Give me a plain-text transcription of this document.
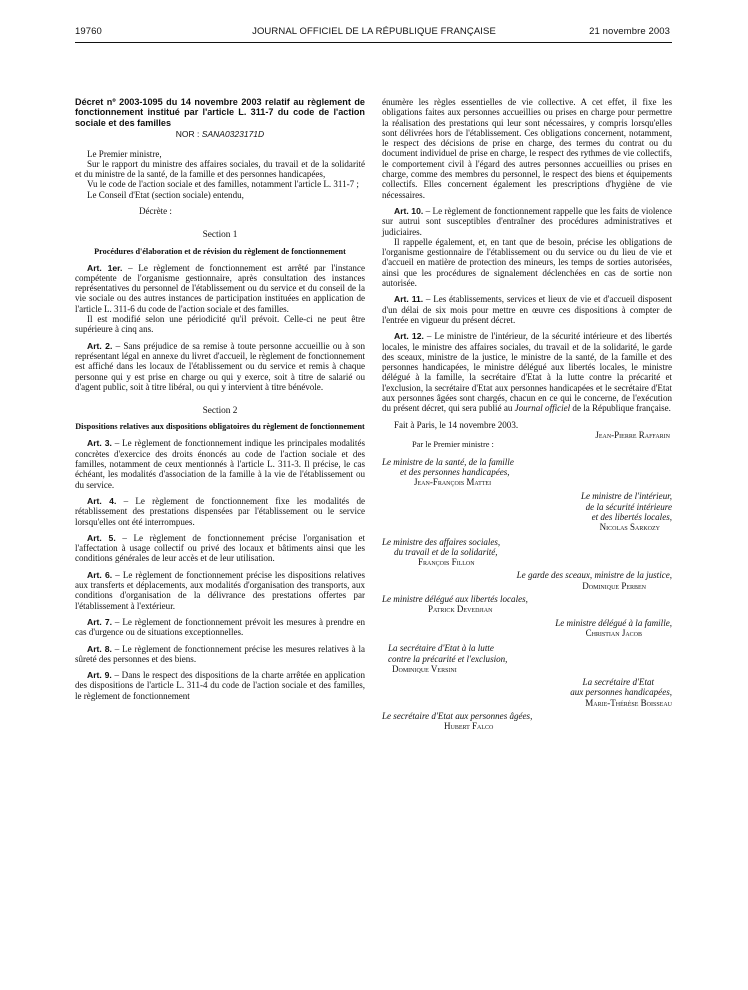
19760	JOURNAL OFFICIEL DE LA RÉPUBLIQUE FRANÇAISE	21 novembre 2003

Décret nº 2003-1095 du 14 novembre 2003 relatif au règlement de fonctionnement institué par l'article L. 311-7 du code de l'action sociale et des familles

NOR : SANA0323171D

Le Premier ministre,

Sur le rapport du ministre des affaires sociales, du travail et de la solidarité et du ministre de la santé, de la famille et des personnes handicapées,

Vu le code de l'action sociale et des familles, notamment l'article L. 311-7 ;

Le Conseil d'Etat (section sociale) entendu,

Décrète :

Section 1

Procédures d'élaboration et de révision du règlement de fonctionnement

Art. 1er. – Le règlement de fonctionnement est arrêté par l'instance compétente de l'organisme gestionnaire, après consultation des instances représentatives du personnel de l'établissement ou du service et du conseil de la vie sociale ou des autres instances de participation instituées en application de l'article L. 311-6 du code de l'action sociale et des familles.

Il est modifié selon une périodicité qu'il prévoit. Celle-ci ne peut être supérieure à cinq ans.

Art. 2. – Sans préjudice de sa remise à toute personne accueillie ou à son représentant légal en annexe du livret d'accueil, le règlement de fonctionnement est affiché dans les locaux de l'établissement ou du service et remis à chaque personne qui y est prise en charge ou qui y exerce, soit à titre de salarié ou d'agent public, soit à titre libéral, ou qui y intervient à titre bénévole.

Section 2

Dispositions relatives aux dispositions obligatoires du règlement de fonctionnement

Art. 3. – Le règlement de fonctionnement indique les principales modalités concrètes d'exercice des droits énoncés au code de l'action sociale et des familles, notamment de ceux mentionnés à l'article L. 311-3. Il précise, le cas échéant, les modalités d'association de la famille à la vie de l'établissement ou du service.

Art. 4. – Le règlement de fonctionnement fixe les modalités de rétablissement des prestations dispensées par l'établissement ou le service lorsqu'elles ont été interrompues.

Art. 5. – Le règlement de fonctionnement précise l'organisation et l'affectation à usage collectif ou privé des locaux et bâtiments ainsi que les conditions générales de leur accès et de leur utilisation.

Art. 6. – Le règlement de fonctionnement précise les dispositions relatives aux transferts et déplacements, aux modalités d'organisation des transports, aux conditions d'organisation de la délivrance des prestations offertes par l'établissement à l'extérieur.

Art. 7. – Le règlement de fonctionnement prévoit les mesures à prendre en cas d'urgence ou de situations exceptionnelles.

Art. 8. – Le règlement de fonctionnement précise les mesures relatives à la sûreté des personnes et des biens.

Art. 9. – Dans le respect des dispositions de la charte arrêtée en application des dispositions de l'article L. 311-4 du code de l'action sociale et des familles, le règlement de fonctionnement

énumère les règles essentielles de vie collective. A cet effet, il fixe les obligations faites aux personnes accueillies ou prises en charge pour permettre la réalisation des prestations qui leur sont nécessaires, y compris lorsqu'elles sont délivrées hors de l'établissement. Ces obligations concernent, notamment, le respect des décisions de prise en charge, des termes du contrat ou du document individuel de prise en charge, le respect des rythmes de vie collectifs, le comportement civil à l'égard des autres personnes accueillies ou prises en charge, comme des membres du personnel, le respect des biens et équipements collectifs. Elles concernent également les prescriptions d'hygiène de vie nécessaires.

Art. 10. – Le règlement de fonctionnement rappelle que les faits de violence sur autrui sont susceptibles d'entraîner des procédures administratives et judiciaires.

Il rappelle également, et, en tant que de besoin, précise les obligations de l'organisme gestionnaire de l'établissement ou du service ou du lieu de vie et d'accueil en matière de protection des mineurs, les temps de sorties autorisées, ainsi que les procédures de signalement déclenchées en cas de sortie non autorisée.

Art. 11. – Les établissements, services et lieux de vie et d'accueil disposent d'un délai de six mois pour mettre en œuvre ces dispositions à compter de l'entrée en vigueur du présent décret.

Art. 12. – Le ministre de l'intérieur, de la sécurité intérieure et des libertés locales, le ministre des affaires sociales, du travail et de la solidarité, le garde des sceaux, ministre de la justice, le ministre de la santé, de la famille et des personnes handicapées, le ministre délégué aux libertés locales, le ministre délégué à la famille, la secrétaire d'Etat à la lutte contre la précarité et l'exclusion, la secrétaire d'Etat aux personnes handicapées et le secrétaire d'Etat aux personnes âgées sont chargés, chacun en ce qui le concerne, de l'exécution du présent décret, qui sera publié au Journal officiel de la République française.

Fait à Paris, le 14 novembre 2003.

Jean-Pierre Raffarin

Par le Premier ministre :

Le ministre de la santé, de la famille
et des personnes handicapées,
Jean-François Mattei
Le ministre de l'intérieur,
de la sécurité intérieure
et des libertés locales,
Nicolas Sarkozy
Le ministre des affaires sociales,
du travail et de la solidarité,
François Fillon
Le garde des sceaux, ministre de la justice,
Dominique Perben
Le ministre délégué aux libertés locales,
Patrick Devedjian
Le ministre délégué à la famille,
Christian Jacob
La secrétaire d'Etat à la lutte
contre la précarité et l'exclusion,
Dominique Versini
La secrétaire d'Etat
aux personnes handicapées,
Marie-Thérèse Boisseau
Le secrétaire d'Etat aux personnes âgées,
Hubert Falco
